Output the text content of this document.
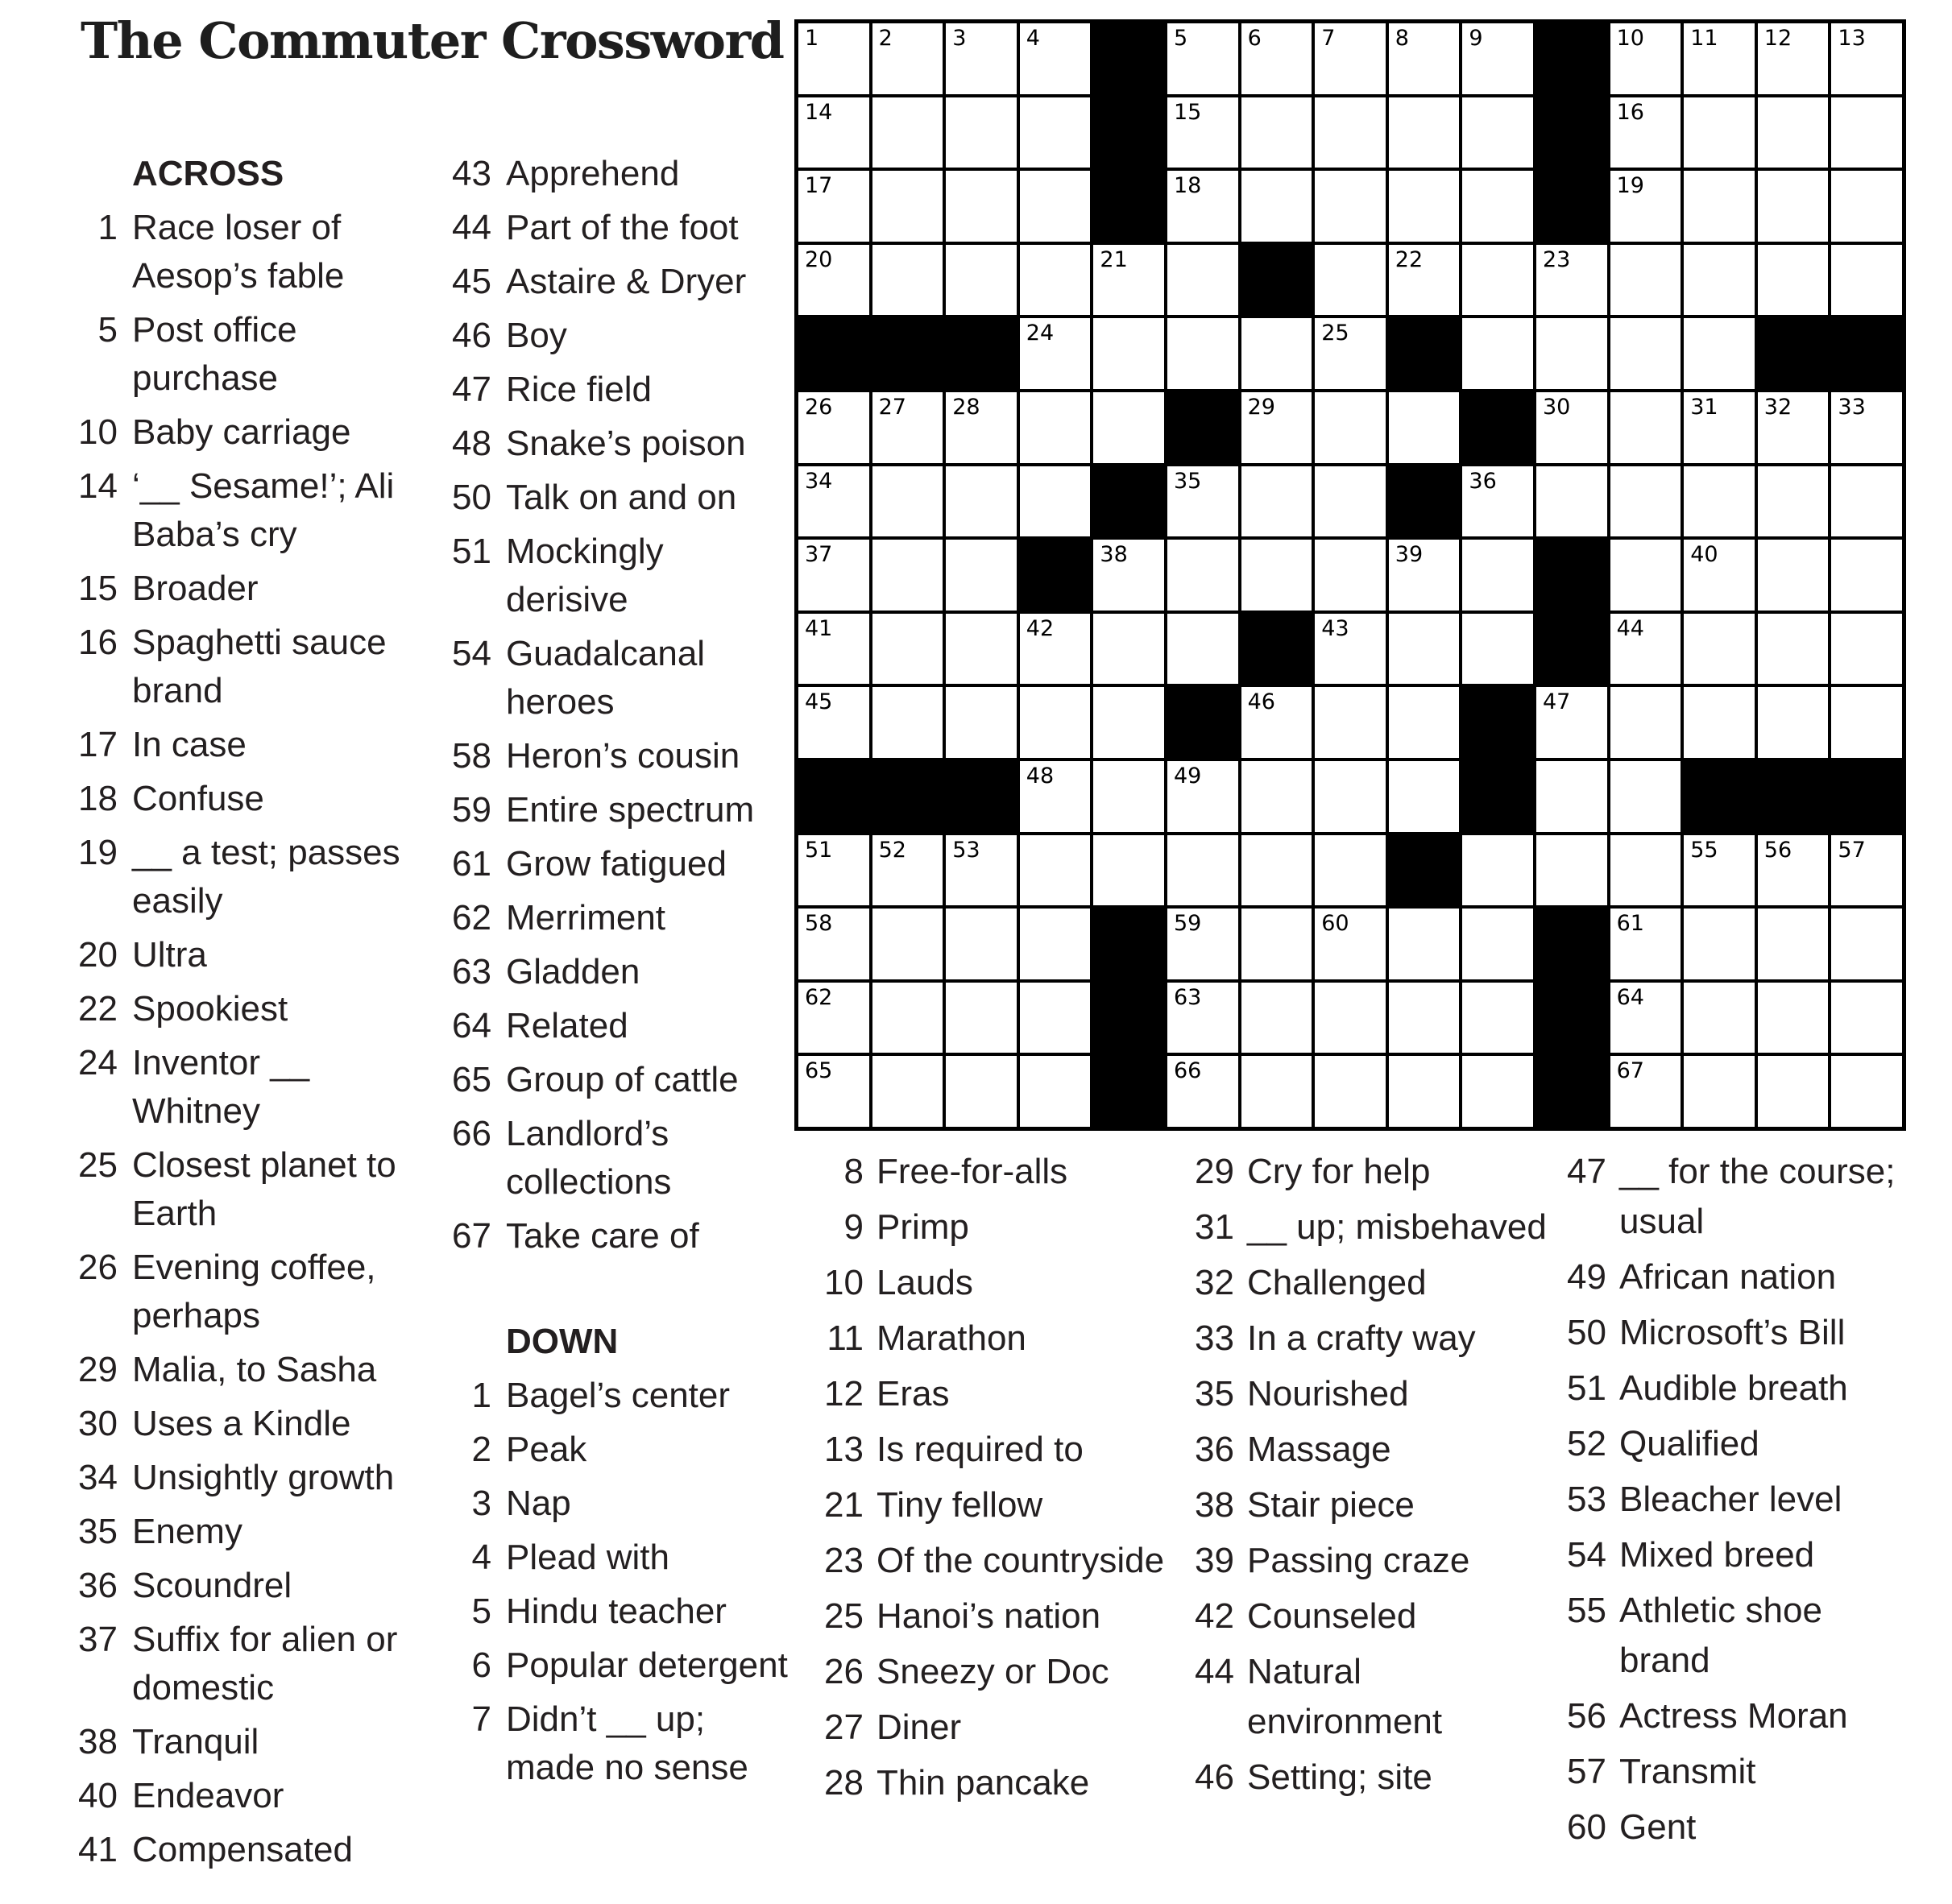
The Commuter Crossword
ACROSS
1 Race loser of Aesop’s fable
5 Post office purchase
10 Baby carriage
14 ‘__ Sesame!’; Ali Baba’s cry
15 Broader
16 Spaghetti sauce brand
17 In case
18 Confuse
19 __ a test; passes easily
20 Ultra
22 Spookiest
24 Inventor __ Whitney
25 Closest planet to Earth
26 Evening coffee, perhaps
29 Malia, to Sasha
30 Uses a Kindle
34 Unsightly growth
35 Enemy
36 Scoundrel
37 Suffix for alien or domestic
38 Tranquil
40 Endeavor
41 Compensated
43 Apprehend
44 Part of the foot
45 Astaire & Dryer
46 Boy
47 Rice field
48 Snake’s poison
50 Talk on and on
51 Mockingly derisive
54 Guadalcanal heroes
58 Heron’s cousin
59 Entire spectrum
61 Grow fatigued
62 Merriment
63 Gladden
64 Related
65 Group of cattle
66 Landlord’s collections
67 Take care of
DOWN
1 Bagel’s center
2 Peak
3 Nap
4 Plead with
5 Hindu teacher
6 Popular detergent
7 Didn’t __ up; made no sense
1	2	3	4	5	6	7	8	9	10 11 12 13
14	15	16
17	18	19
20	21	22	23
24	25
26 27 28	29	30	31 32 33
34	35	36
37	38	39	40
41	42	43	44
45	46	47
48	49	50
51 52 53	54	55 56 57
58	59	60	61
62	63	64
65	66	67
8 Free-for-alls
9 Primp
10 Lauds
11 Marathon
12 Eras
13 Is required to
21 Tiny fellow
23 Of the countryside
25 Hanoi’s nation
26 Sneezy or Doc
27 Diner
28 Thin pancake
29 Cry for help
31 __ up; misbehaved
32 Challenged
33 In a crafty way
35 Nourished
36 Massage
38 Stair piece
39 Passing craze
42 Counseled
44 Natural environment
46 Setting; site
47 __ for the course; usual
49 African nation
50 Microsoft’s Bill
51 Audible breath
52 Qualified
53 Bleacher level
54 Mixed breed
55 Athletic shoe brand
56 Actress Moran
57 Transmit
60 Gent
